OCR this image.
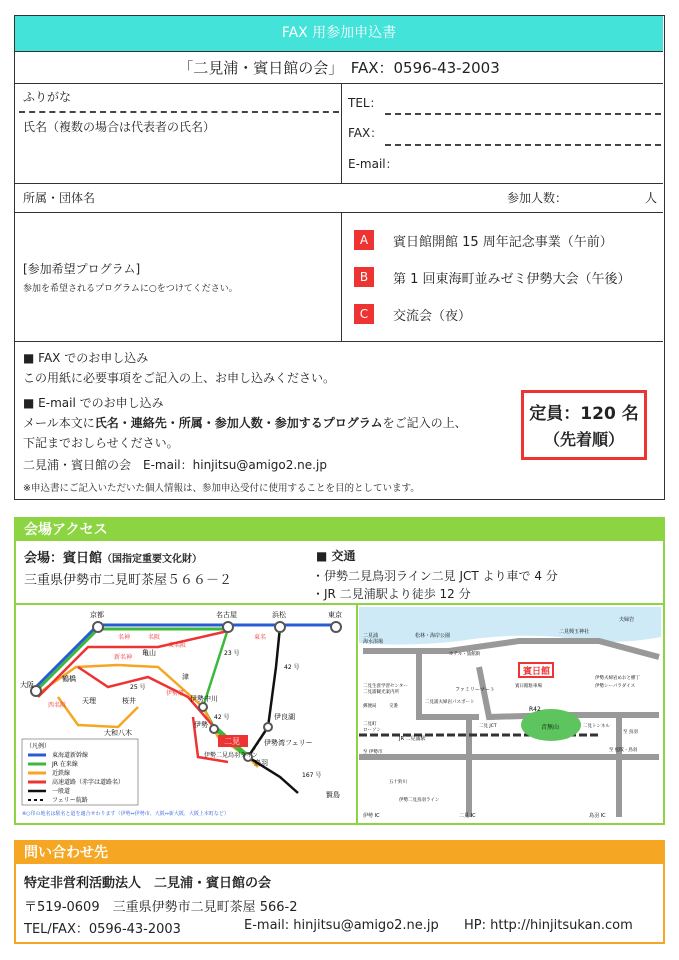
FAX 用参加申込書
「二見浦・賓日館の会」　FAX：0596-43-2003
ふりがな
氏名（複数の場合は代表者の氏名）
TEL：
FAX：
E-mail：
所属・団体名	参加人数：	人
[参加希望プログラム]
参加を希望されるプログラムに○をつけてください。
A	賓日館開館 15 周年記念事業（午前）
B	第 1 回東海町並みゼミ伊勢大会（午後）
C	交流会（夜）
■ FAX でのお申し込み
この用紙に必要事項をご記入の上、お申し込みください。
■ E-mail でのお申し込み
メール本文に氏名・連絡先・所属・参加人数・参加するプログラムをご記入の上、
下記までおしらせください。
二見浦・賓日館の会　E-mail：hinjitsu@amigo2.ne.jp
※申込書にご記入いただいた個人情報は、参加申込受付に使用することを目的としています。
定員：120 名
（先着順）
会場アクセス
会場：賓日館（国指定重要文化財）
三重県伊勢市二見町茶屋５６６－２
■ 交通
・伊勢二見鳥羽ライン二見 JCT より車で 4 分
・JR 二見浦駅より徒歩 12 分
京都	名古屋	浜松	東京
大阪
鶴橋
亀山
天理	桜井
大和八木
伊勢中川
津
伊勢
鳥羽
伊勢湾フェリー
伊良湖
賢島
名阪	東名
名神
新名神
東名阪
西名阪
伊勢道
42 号
23 号
25 号
42 号
167 号
二見
伊勢二見鳥羽ライン
（凡例）
東海道新幹線
JR 在来線
近鉄線
高速道路（赤字は道路名）
一般道
フェリー航路
※○印の地名は駅名と道を適合せわります（伊勢⇔伊勢市、大阪⇔新大阪、大阪上本町など）
賓日館
二見浦
海水浴場
松林・海岸公園
二見興玉神社
夫婦岩
ホテル・旅館街
二見生涯学習センター
二見浦観光案内所
二見浦夫婦岩パスポート
伊勢夫婦岩めおと横丁
伊勢シーパラダイス
ファミリーマート
R42
音無山
二見 JCT
JR 二見浦駅
郵便局	交番
二見町
ローソン
二見 IC
伊勢 IC	鳥羽 IC
二見トンネル
至 伊勢市	至 松阪・鳥羽
至 鳥羽
賓日館駐車場
五十鈴川
伊勢二見鳥羽ライン
問い合わせ先
特定非営利活動法人　二見浦・賓日館の会
〒519-0609　三重県伊勢市二見町茶屋 566-2
TEL/FAX：0596-43-2003	E-mail: hinjitsu@amigo2.ne.jp HP: http://hinjitsukan.com
